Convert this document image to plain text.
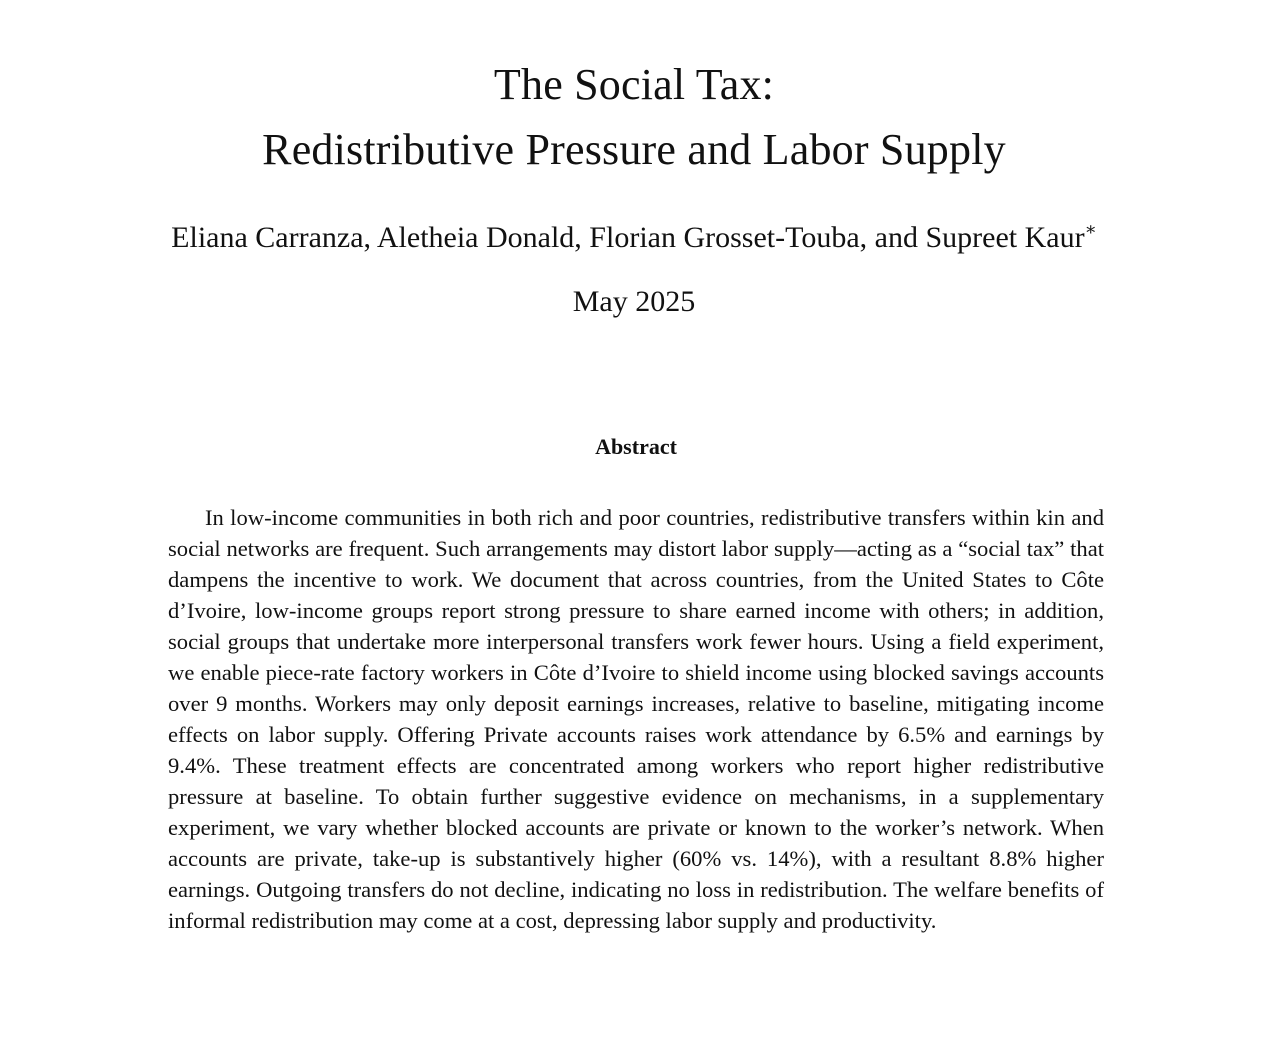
The Social Tax:
Redistributive Pressure and Labor Supply
Eliana Carranza, Aletheia Donald, Florian Grosset-Touba, and Supreet Kaur∗
May 2025
Abstract

In low-income communities in both rich and poor countries, redistributive transfers within kin and social networks are frequent. Such arrangements may distort labor supply—acting as a “social tax” that dampens the incentive to work. We document that across countries, from the United States to Côte d’Ivoire, low-income groups report strong pressure to share earned income with others; in addition, social groups that undertake more interpersonal transfers work fewer hours. Using a field experiment, we enable piece-rate factory workers in Côte d’Ivoire to shield income using blocked savings accounts over 9 months. Workers may only deposit earnings increases, relative to baseline, mitigating income effects on labor supply. Offering Private accounts raises work attendance by 6.5% and earnings by 9.4%. These treatment effects are concentrated among workers who report higher redistributive pressure at baseline. To obtain further suggestive evidence on mechanisms, in a supplementary experiment, we vary whether blocked accounts are private or known to the worker’s network. When accounts are private, take-up is substantively higher (60% vs. 14%), with a resultant 8.8% higher earnings. Outgoing transfers do not decline, indicating no loss in redistribution. The welfare benefits of informal redistribution may come at a cost, depressing labor supply and productivity.
